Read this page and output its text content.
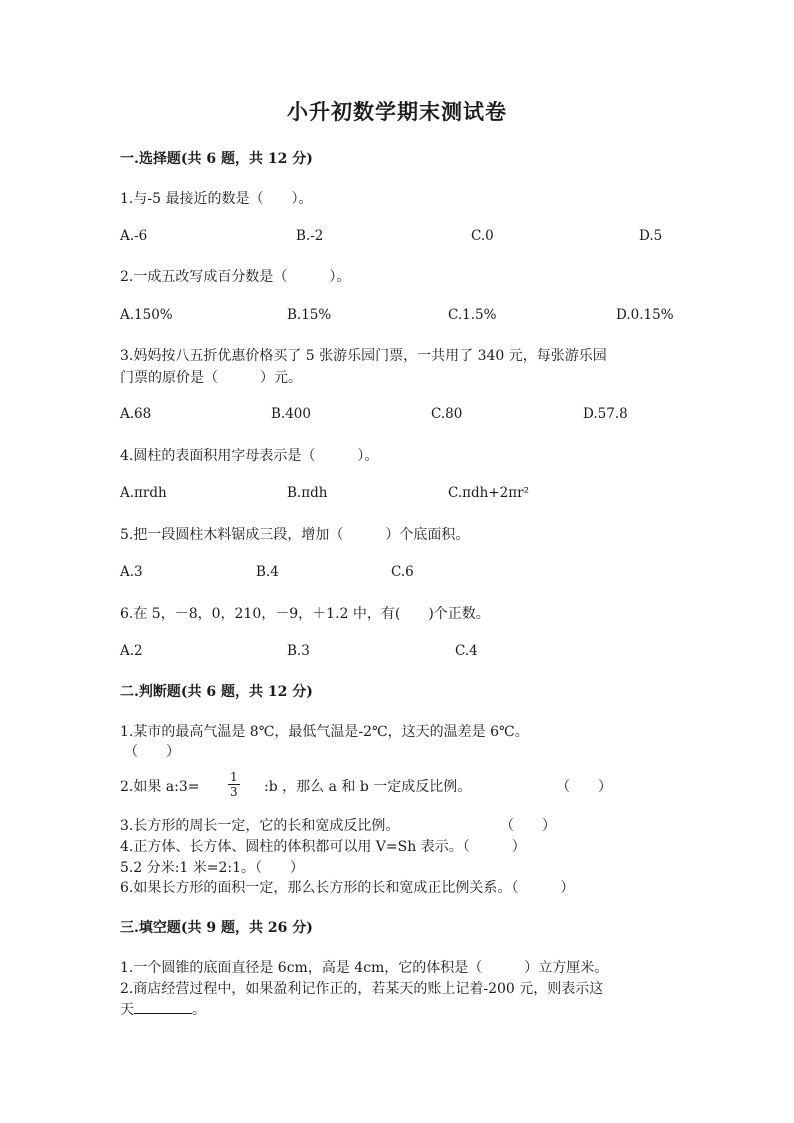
小升初数学期末测试卷
一.选择题(共 6 题，共 12 分)
1.与-5 最接近的数是（　　）。
A.-6	B.-2	C.0	D.5
2.一成五改写成百分数是（　　　）。
A.150%	B.15%	C.1.5%	D.0.15%
3.妈妈按八五折优惠价格买了 5 张游乐园门票，一共用了 340 元，每张游乐园
门票的原价是（　　　）元。
A.68	B.400	C.80	D.57.8
4.圆柱的表面积用字母表示是（　　　）。
A.πrdh	B.πdh	C.πdh+2πr²
5.把一段圆柱木料锯成三段，增加（　　　）个底面积。
A.3	B.4	C.6
6.在 5，－8，0，210，－9，＋1.2 中，有(　　)个正数。
A.2	B.3	C.4
二.判断题(共 6 题，共 12 分)
1.某市的最高气温是 8℃，最低气温是-2℃，这天的温差是 6℃。
（　　）
2.如果 a:3= $\frac{1}{3}$ :b ，那么 a 和 b 一定成反比例。	（　　）
3.长方形的周长一定，它的长和宽成反比例。	（　　）
4.正方体、长方体、圆柱的体积都可以用 V=Sh 表示。（　　　）
5.2 分米:1 米=2:1。（　　）
6.如果长方形的面积一定，那么长方形的长和宽成正比例关系。（　　　）
三.填空题(共 9 题，共 26 分)
1.一个圆锥的底面直径是 6cm，高是 4cm，它的体积是（　　　）立方厘米。
2.商店经营过程中，如果盈利记作正的，若某天的账上记着-200 元，则表示这
天	。
